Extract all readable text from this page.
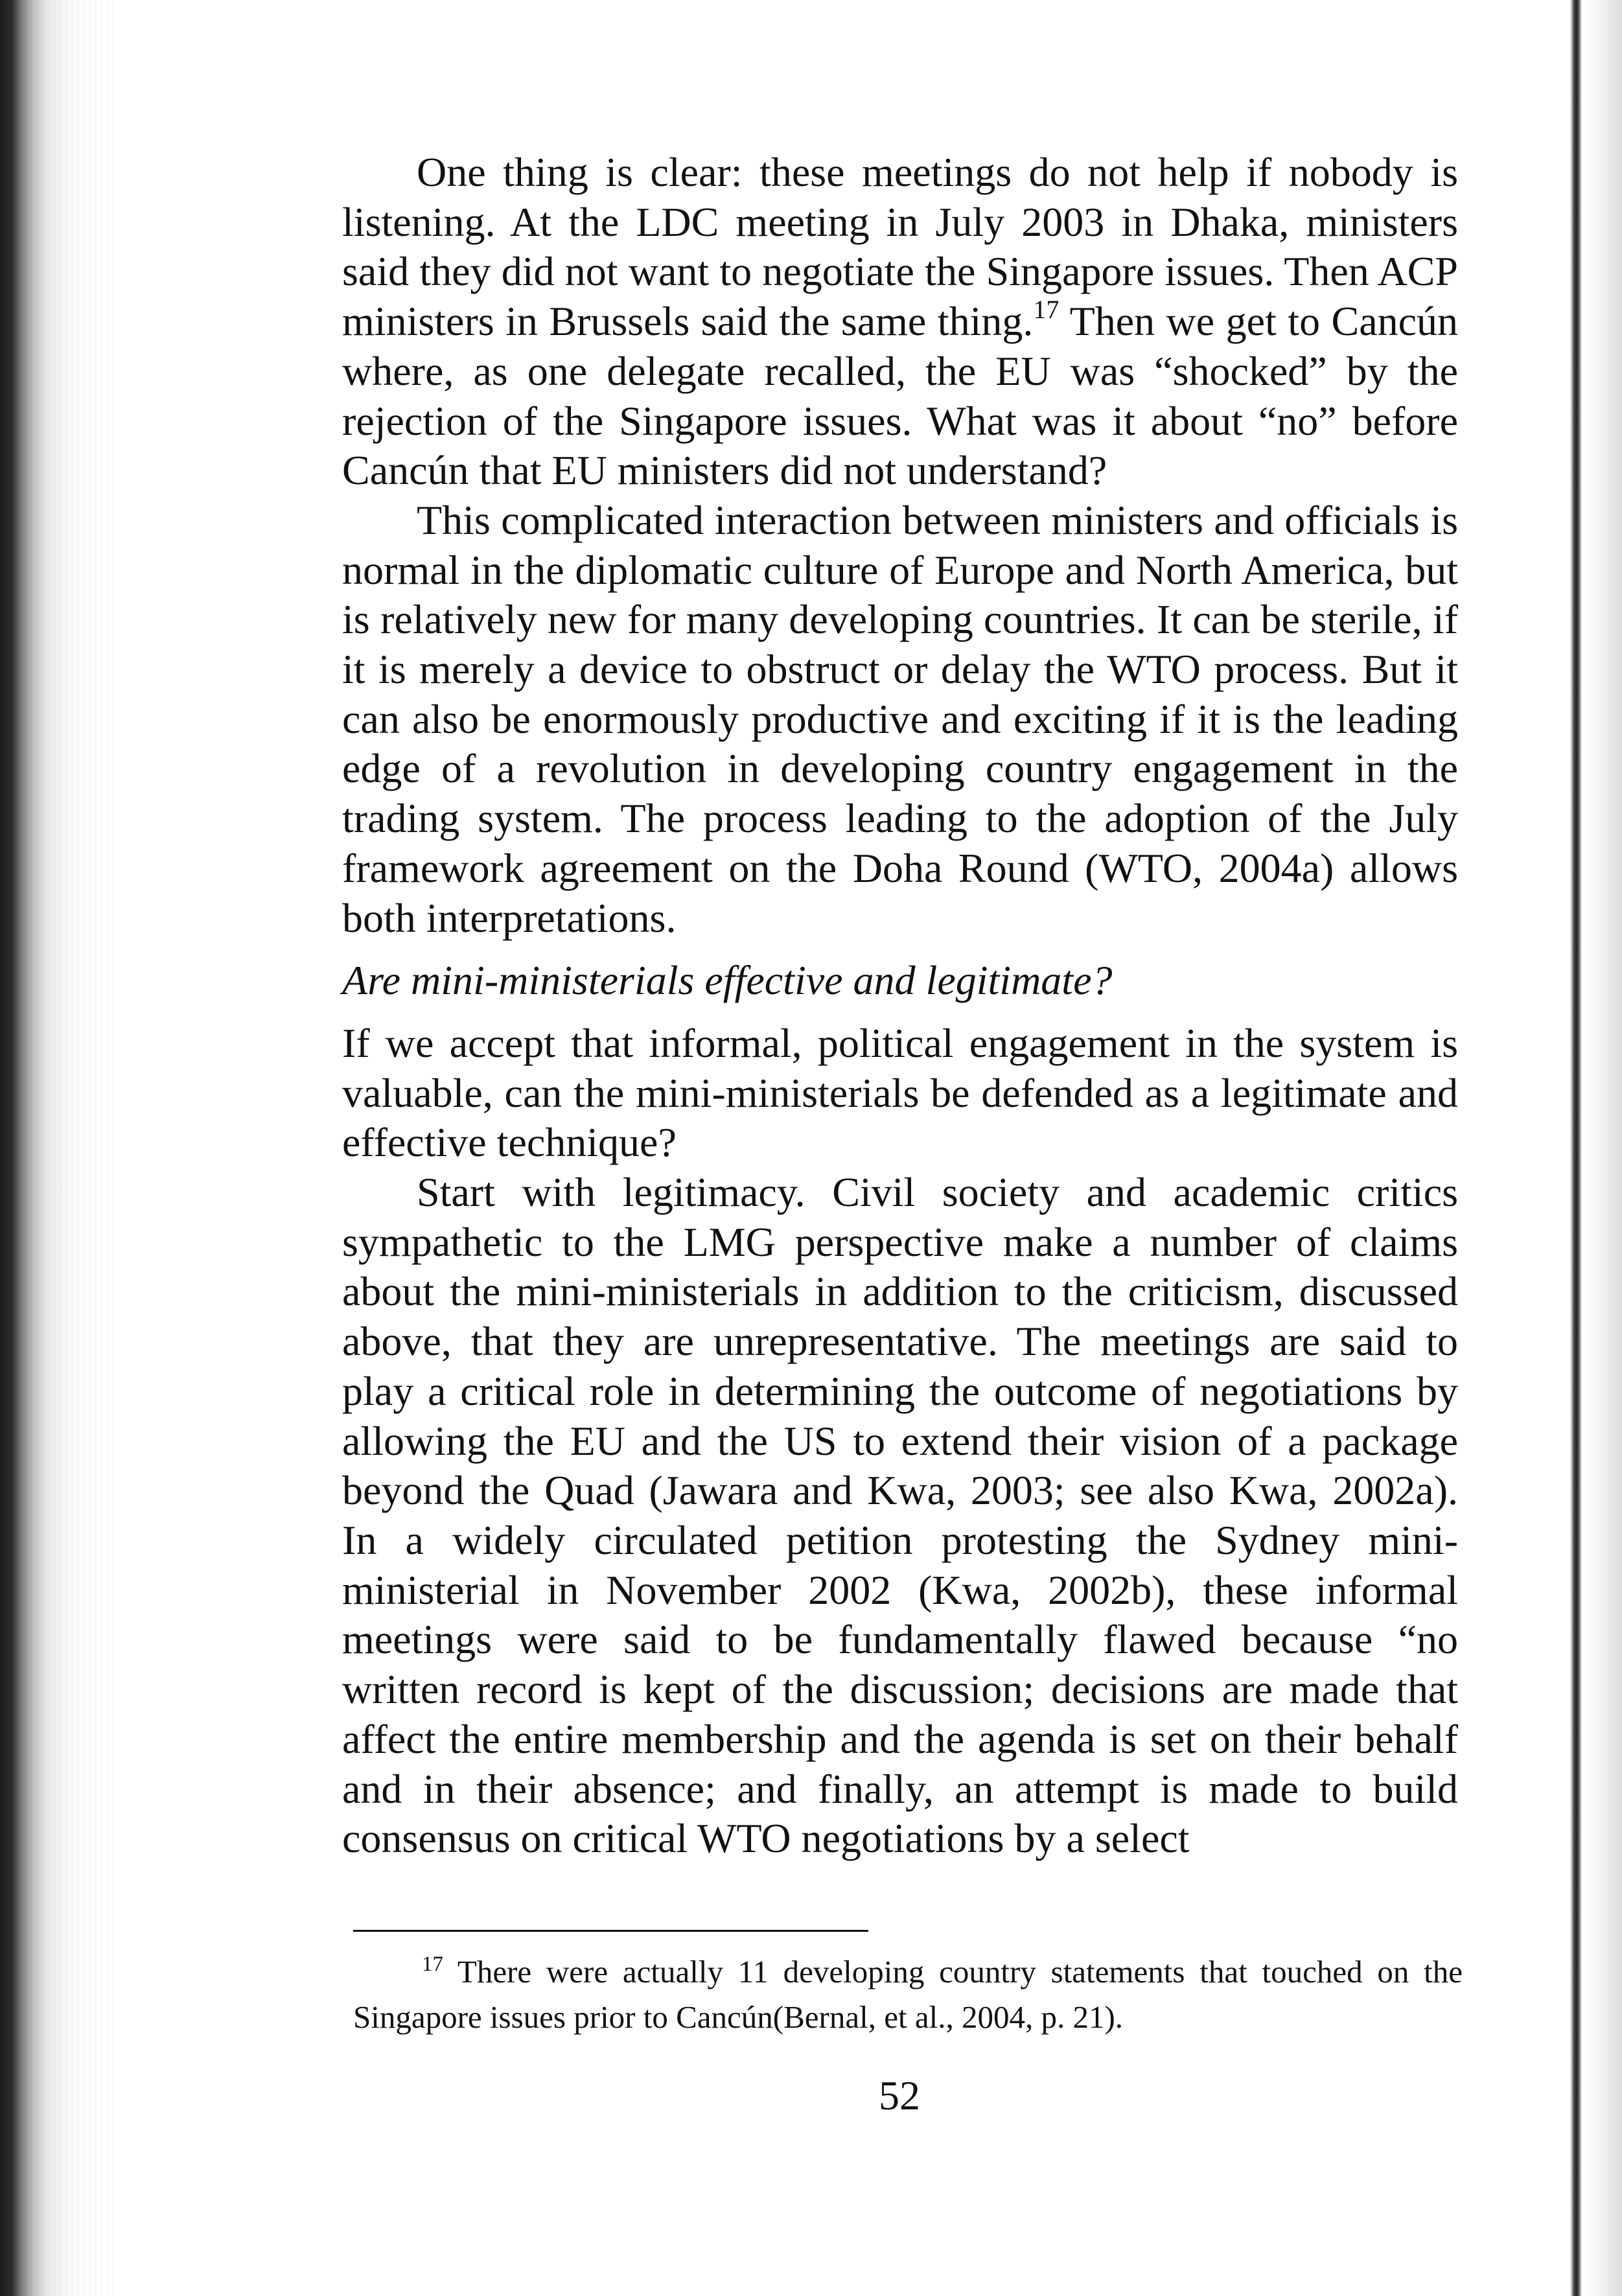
One thing is clear: these meetings do not help if nobody is listening. At the LDC meeting in July 2003 in Dhaka, ministers said they did not want to negotiate the Singapore issues. Then ACP ministers in Brussels said the same thing.$^{17}$ Then we get to Cancún where, as one delegate recalled, the EU was “shocked” by the rejection of the Singapore issues. What was it about “no” before Cancún that EU ministers did not understand?

This complicated interaction between ministers and officials is normal in the diplomatic culture of Europe and North America, but is relatively new for many developing countries. It can be sterile, if it is merely a device to obstruct or delay the WTO process. But it can also be enormously productive and exciting if it is the leading edge of a revolution in developing country engagement in the trading system. The process leading to the adoption of the July framework agreement on the Doha Round (WTO, 2004a) allows both interpretations.

Are mini-ministerials effective and legitimate?

If we accept that informal, political engagement in the system is valuable, can the mini-ministerials be defended as a legitimate and effective technique?

Start with legitimacy. Civil society and academic critics sympathetic to the LMG perspective make a number of claims about the mini-ministerials in addition to the criticism, discussed above, that they are unrepresentative. The meetings are said to play a critical role in determining the outcome of negotiations by allowing the EU and the US to extend their vision of a package beyond the Quad (Jawara and Kwa, 2003; see also Kwa, 2002a). In a widely circulated petition protesting the Sydney mini-ministerial in November 2002 (Kwa, 2002b), these informal meetings were said to be fundamentally flawed because “no written record is kept of the discussion; decisions are made that affect the entire membership and the agenda is set on their behalf and in their absence; and finally, an attempt is made to build consensus on critical WTO negotiations by a select

$^{17}$ There were actually 11 developing country statements that touched on the Singapore issues prior to Cancún(Bernal, et al., 2004, p. 21).

52
